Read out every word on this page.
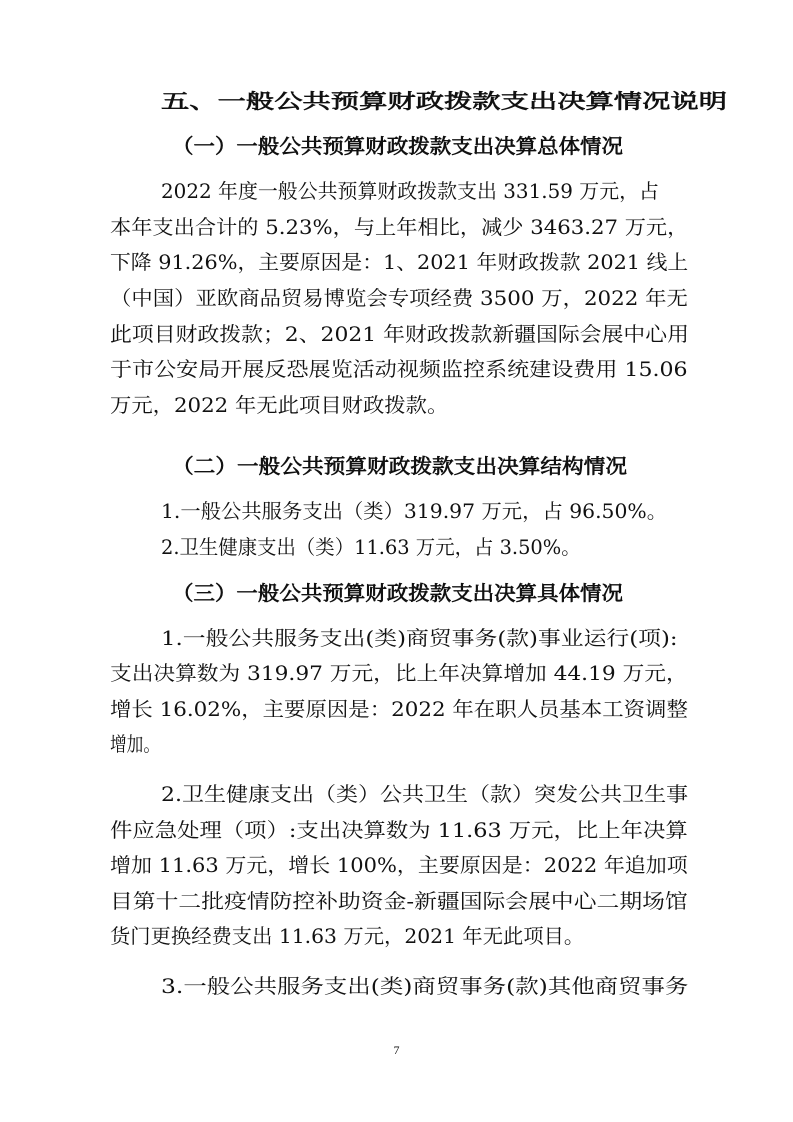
五、一般公共预算财政拨款支出决算情况说明
（一）一般公共预算财政拨款支出决算总体情况
2022 年度一般公共预算财政拨款支出 331.59 万元，占
本年支出合计的 5.23%，与上年相比，减少 3463.27 万元，
下降 91.26%，主要原因是：1、2021 年财政拨款 2021 线上
（中国）亚欧商品贸易博览会专项经费 3500 万，2022 年无
此项目财政拨款；2、2021 年财政拨款新疆国际会展中心用
于市公安局开展反恐展览活动视频监控系统建设费用 15.06
万元，2022 年无此项目财政拨款。
（二）一般公共预算财政拨款支出决算结构情况
1.一般公共服务支出（类）319.97 万元，占 96.50%。
2.卫生健康支出（类）11.63 万元，占 3.50%。
（三）一般公共预算财政拨款支出决算具体情况
1.一般公共服务支出(类)商贸事务(款)事业运行(项):
支出决算数为 319.97 万元，比上年决算增加 44.19 万元，
增长 16.02%，主要原因是：2022 年在职人员基本工资调整
增加。
2.卫生健康支出（类）公共卫生（款）突发公共卫生事
件应急处理（项）:支出决算数为 11.63 万元，比上年决算
增加 11.63 万元，增长 100%，主要原因是：2022 年追加项
目第十二批疫情防控补助资金-新疆国际会展中心二期场馆
货门更换经费支出 11.63 万元，2021 年无此项目。
3.一般公共服务支出(类)商贸事务(款)其他商贸事务
7
